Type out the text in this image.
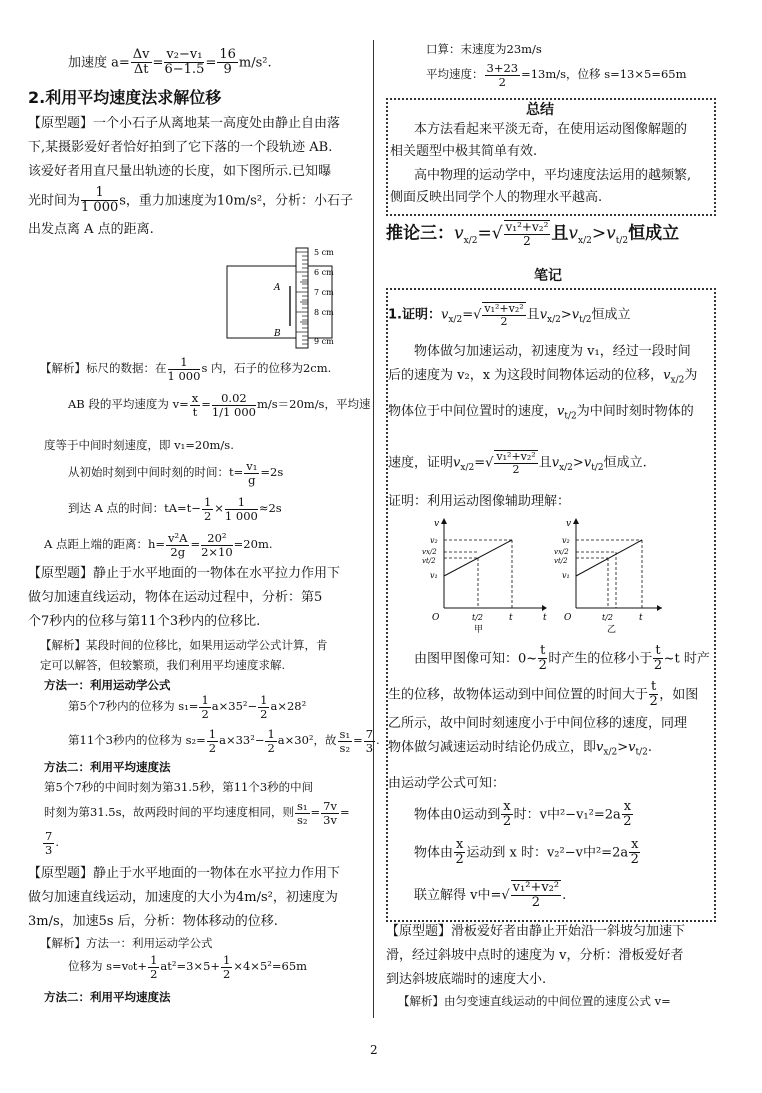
加速度 $a= \frac{\Delta v}{\Delta t} = \frac{\text{v₂−v₁}}{6-1.5} = \frac{16}{9} m/s^2$.
2.利用平均速度法求解位移
【原型题】一个小石子从离地某一高度处由静止自由落
下,某摄影爱好者恰好拍到了它下落的一个段轨迹 AB.
该爱好者用直尺量出轨迹的长度，如下图所示.已知曝
光时间为 $\frac{1}{1 000}$ s，重力加速度为10m/s²，分析：小石子
出发点离 A 点的距离.
A
B
5 cm
6 cm
7 cm
8 cm
9 cm
【解析】标尺的数据：在 $\frac{1}{1 000}$ s 内，石子的位移为2cm.
AB 段的平均速度为 $v= \frac{x}{t} = \frac{0.02}{1/1 000} m/s=20m/s$，平均速
度等于中间时刻速度，即 v₁=20m/s.
从初始时刻到中间时刻的时间：$t= \frac{\text{v₁}}{g} =2s$
到达 A 点的时间：$tA=t- \frac{1}{2} \times \frac{1}{1 000} \approx 2s$
A 点距上端的距离：$h= \frac{\text{v²A}}{2g} = \frac{\text{20²}}{2\times 10} =20m$.
【原型题】静止于水平地面的一物体在水平拉力作用下
做匀加速直线运动，物体在运动过程中，分析：第5
个7秒内的位移与第11个3秒内的位移比.
【解析】某段时间的位移比，如果用运动学公式计算，肯
定可以解答，但较繁琐，我们利用平均速度求解.
方法一：利用运动学公式
第5个7秒内的位移为 $s_1= \frac{1}{2} a\times 35^2- \frac{1}{2} a\times 28^2$
第11个3秒内的位移为 $s_2= \frac{1}{2} a\times 33^2- \frac{1}{2} a\times 30^2$，故 $\frac{\text{s₁}}{\text{s₂}} = \frac{7}{3}$ .
方法二：利用平均速度法
第5个7秒的中间时刻为第31.5秒，第11个3秒的中间
时刻为第31.5s，故两段时间的平均速度相同，则 $\frac{\text{s₁}}{\text{s₂}} = \frac{7v}{3v}$ =
$\frac{7}{3}$ .
【原型题】静止于水平地面的一物体在水平拉力作用下
做匀加速直线运动，加速度的大小为4m/s²，初速度为
3m/s，加速5s 后，分析：物体移动的位移.
【解析】方法一：利用运动学公式
位移为 $s=v_0t+ \frac{1}{2} at^2=3\times 5+ \frac{1}{2} \times 4\times 5^2=65m$
方法二：利用平均速度法
口算：末速度为23m/s
平均速度： $\frac{3+23}{2} =13m/s$，位移 s=13×5=65m
总结
本方法看起来平淡无奇，在使用运动图像解题的
相关题型中极其简单有效.
高中物理的运动学中，平均速度法运用的越频繁,
侧面反映出同学个人的物理水平越高.
推论三：$v_{x/2}=√ \frac{\text{v₁²+v₂²}}{2}$ 且$v_{x/2}>v_{t/2}$恒成立
笔记
1.证明：$v_{x/2}=√ \frac{\text{v₁²+v₂²}}{2}$ 且$v_{x/2}>v_{t/2}$恒成立
物体做匀加速运动，初速度为 v₁，经过一段时间
后的速度为 v₂，x 为这段时间物体运动的位移，$v_{x/2}$为
物体位于中间位置时的速度，$v_{t/2}$为中间时刻时物体的
速度，证明$v_{x/2}=√ \frac{\text{v₁²+v₂²}}{2}$ 且$v_{x/2}>v_{t/2}$恒成立.
证明：利用运动图像辅助理解：
v
v₂
vx/2
vt/2
v₁
O	t/2	t	t
甲
v
v₂
vx/2
vt/2
v₁
O	t/2	t
乙
由图甲图像可知：0~ $\frac{t}{2}$ 时产生的位移小于 $\frac{t}{2}$ ~t 时产
生的位移，故物体运动到中间位置的时间大于 $\frac{t}{2}$ ，如图
乙所示，故中间时刻速度小于中间位移的速度，同理
物体做匀减速运动时结论仍成立，即$v_{x/2}>v_{t/2}$.
由运动学公式可知：
物体由0运动到 $\frac{x}{2}$ 时：v中$^2-v_1^2=2a \frac{x}{2}$
物体由 $\frac{x}{2}$ 运动到 x 时：v₂²−v中$^2=2a \frac{x}{2}$
联立解得 v中=√ $\frac{\text{v₁²+v₂²}}{2}$ .
【原型题】滑板爱好者由静止开始沿一斜坡匀加速下
滑，经过斜坡中点时的速度为 v，分析：滑板爱好者
到达斜坡底端时的速度大小.
【解析】由匀变速直线运动的中间位置的速度公式 v=
2
